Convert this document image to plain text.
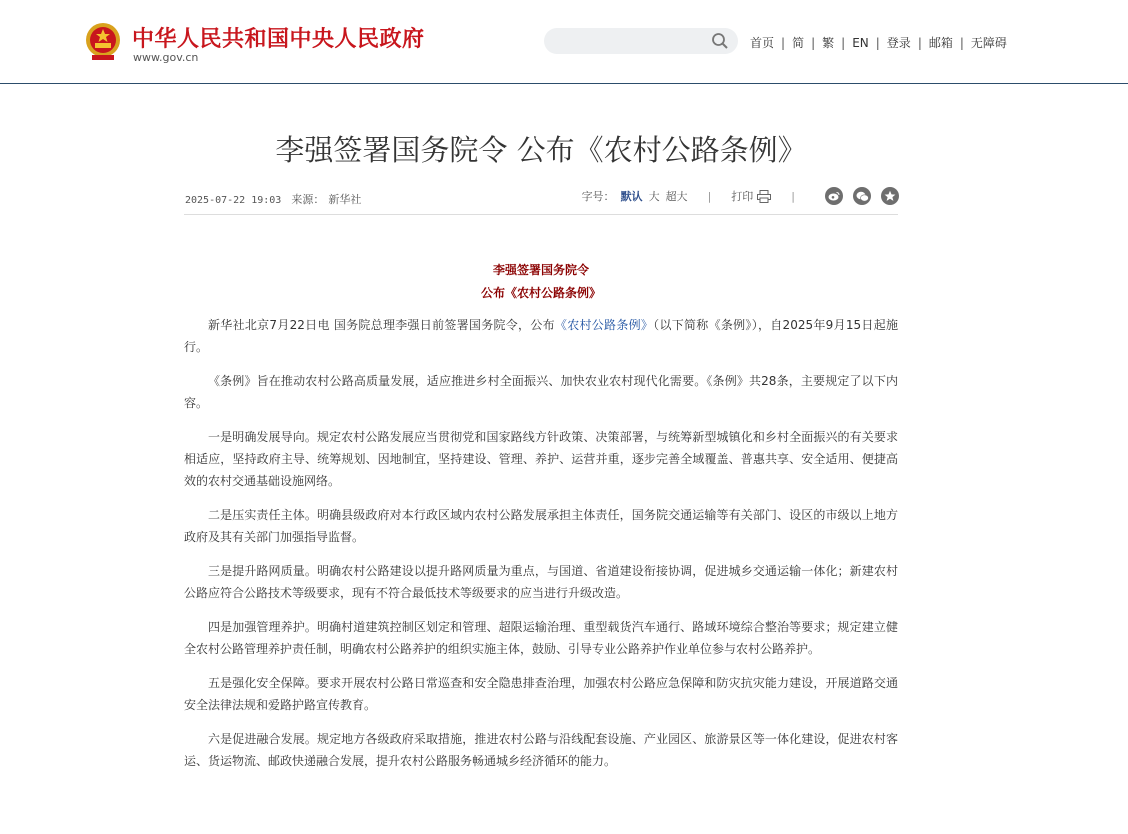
中华人民共和国中央人民政府
www.gov.cn
首页 | 简 | 繁 | EN | 登录 | 邮箱 | 无障碍
李强签署国务院令 公布《农村公路条例》
2025-07-22 19:03 来源： 新华社	字号： 默认 大 超大 | 打印	|
李强签署国务院令
公布《农村公路条例》

新华社北京7月22日电 国务院总理李强日前签署国务院令，公布《农村公路条例》（以下简称《条例》），自2025年9月15日起施行。

《条例》旨在推动农村公路高质量发展，适应推进乡村全面振兴、加快农业农村现代化需要。《条例》共28条，主要规定了以下内容。

一是明确发展导向。规定农村公路发展应当贯彻党和国家路线方针政策、决策部署，与统筹新型城镇化和乡村全面振兴的有关要求相适应，坚持政府主导、统筹规划、因地制宜，坚持建设、管理、养护、运营并重，逐步完善全域覆盖、普惠共享、安全适用、便捷高效的农村交通基础设施网络。

二是压实责任主体。明确县级政府对本行政区域内农村公路发展承担主体责任，国务院交通运输等有关部门、设区的市级以上地方政府及其有关部门加强指导监督。

三是提升路网质量。明确农村公路建设以提升路网质量为重点，与国道、省道建设衔接协调，促进城乡交通运输一体化；新建农村公路应符合公路技术等级要求，现有不符合最低技术等级要求的应当进行升级改造。

四是加强管理养护。明确村道建筑控制区划定和管理、超限运输治理、重型载货汽车通行、路域环境综合整治等要求；规定建立健全农村公路管理养护责任制，明确农村公路养护的组织实施主体，鼓励、引导专业公路养护作业单位参与农村公路养护。

五是强化安全保障。要求开展农村公路日常巡查和安全隐患排查治理，加强农村公路应急保障和防灾抗灾能力建设，开展道路交通安全法律法规和爱路护路宣传教育。

六是促进融合发展。规定地方各级政府采取措施，推进农村公路与沿线配套设施、产业园区、旅游景区等一体化建设，促进农村客运、货运物流、邮政快递融合发展，提升农村公路服务畅通城乡经济循环的能力。
